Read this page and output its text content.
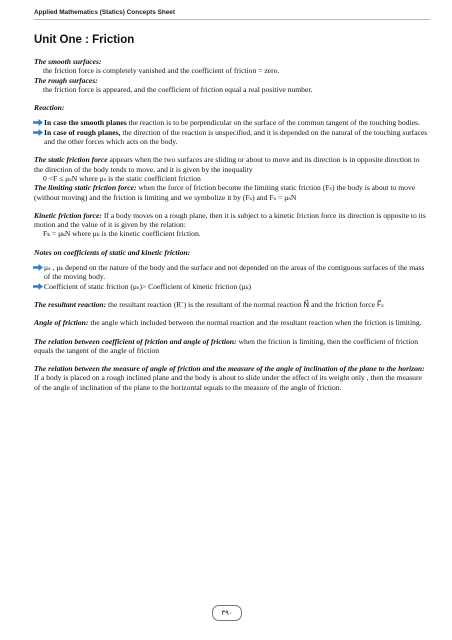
Applied Mathematics (Statics) Concepts Sheet
Unit One : Friction
The smooth surfaces:
the friction force is completely vanished and the coefficient of friction = zero.
The rough surfaces:
the friction force is appeared, and the coefficient of friction equal a real positive number.
Reaction:
In case the smooth planes the reaction is to be perpendicular on the surface of the common tangent of the touching bodies.
In case of rough planes, the direction of the reaction is unspecified, and it is depended on the natural of the touching surfaces and the other forces which acts on the body.
The static friction force appears when the two surfaces are sliding or about to move and its direction is in opposite direction to the direction of the body tends to move, and it is given by the inequality
0 <F ≤ μₛN where μₛ is the static coefficient friction
The limiting static friction force: when the force of friction become the limiting static friction (Fₛ) the body is about to move (without moving) and the friction is limiting and we symbolize it by (Fₛ) and Fₛ = μₛN
Kinetic friction force: If a body moves on a rough plane, then it is subject to a kinetic friction force its direction is opposite to its motion and the value of it is given by the relation:
Fₖ = μₖN where μₖ is the kinetic coefficient friction.
Notes on coefficients of static and kinetic friction:
μₛ , μₖ depend on the nature of the body and the surface and not depended on the areas of the contiguous surfaces of the mass of the moving body.
Coefficient of static friction (μₛ)> Coefficient of kinetic friction (μₖ)
The resultant reaction: the resultant reaction (R`) is the resultant of the normal reaction N⃗ and the friction force F⃗ₛ
Angle of friction: the angle which included between the normal reaction and the resultant reaction when the friction is limiting.
The relation between coefficient of friction and angle of friction: when the friction is limiting, then the coefficient of friction equals the tangent of the angle of friction
The relation between the measure of angle of friction and the measure of the angle of inclination of the plane to the horizon:
If a body is placed on a rough inclined plane and the body is about to slide under the effect of its weight only , then the measure of the angle of inclination of the plane to the horizontal equals to the measure of the angle of friction.
٣٩٠
